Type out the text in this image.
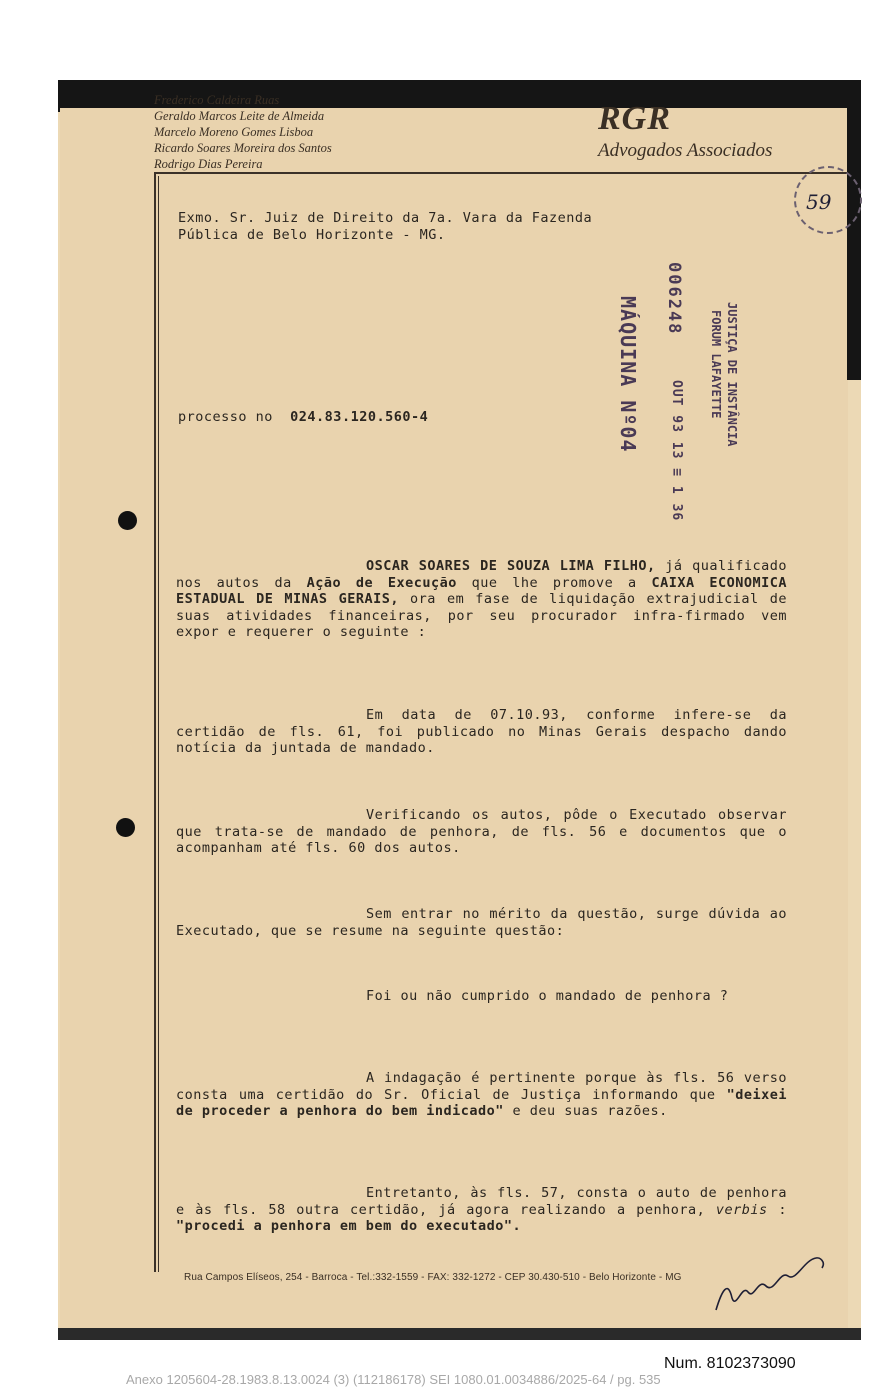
Frederico Caldeira Ruas
Geraldo Marcos Leite de Almeida
Marcelo Moreno Gomes Lisboa
Ricardo Soares Moreira dos Santos
Rodrigo Dias Pereira
RGR
Advogados Associados
59
Exmo. Sr. Juiz de Direito da 7a. Vara da Fazenda
Pública de Belo Horizonte - MG.
006248
OUT 93 13 ≡ 1 36
JUSTIÇA DE INSTÂNCIA
FORUM LAFAYETTE
MÁQUINA Nº04
processo no 024.83.120.560-4
OSCAR SOARES DE SOUZA LIMA FILHO, já qualificado nos autos da Ação de Execução que lhe promove a CAIXA ECONOMICA ESTADUAL DE MINAS GERAIS, ora em fase de liquidação extrajudicial de suas atividades financeiras, por seu procurador infra-firmado vem expor e requerer o seguinte :
Em data de 07.10.93, conforme infere-se da certidão de fls. 61, foi publicado no Minas Gerais despacho dando notícia da juntada de mandado.
Verificando os autos, pôde o Executado observar que trata-se de mandado de penhora, de fls. 56 e documentos que o acompanham até fls. 60 dos autos.
Sem entrar no mérito da questão, surge dúvida ao Executado, que se resume na seguinte questão:
Foi ou não cumprido o mandado de penhora ?
A indagação é pertinente porque às fls. 56 verso consta uma certidão do Sr. Oficial de Justiça informando que "deixei de proceder a penhora do bem indicado" e deu suas razões.
Entretanto, às fls. 57, consta o auto de penhora e às fls. 58 outra certidão, já agora realizando a penhora, verbis : "procedi a penhora em bem do executado".
Rua Campos Elíseos, 254 - Barroca - Tel.:332-1559 - FAX: 332-1272 - CEP 30.430-510 - Belo Horizonte - MG
Num. 8102373090
Anexo 1205604-28.1983.8.13.0024 (3) (112186178) SEI 1080.01.0034886/2025-64 / pg. 535
